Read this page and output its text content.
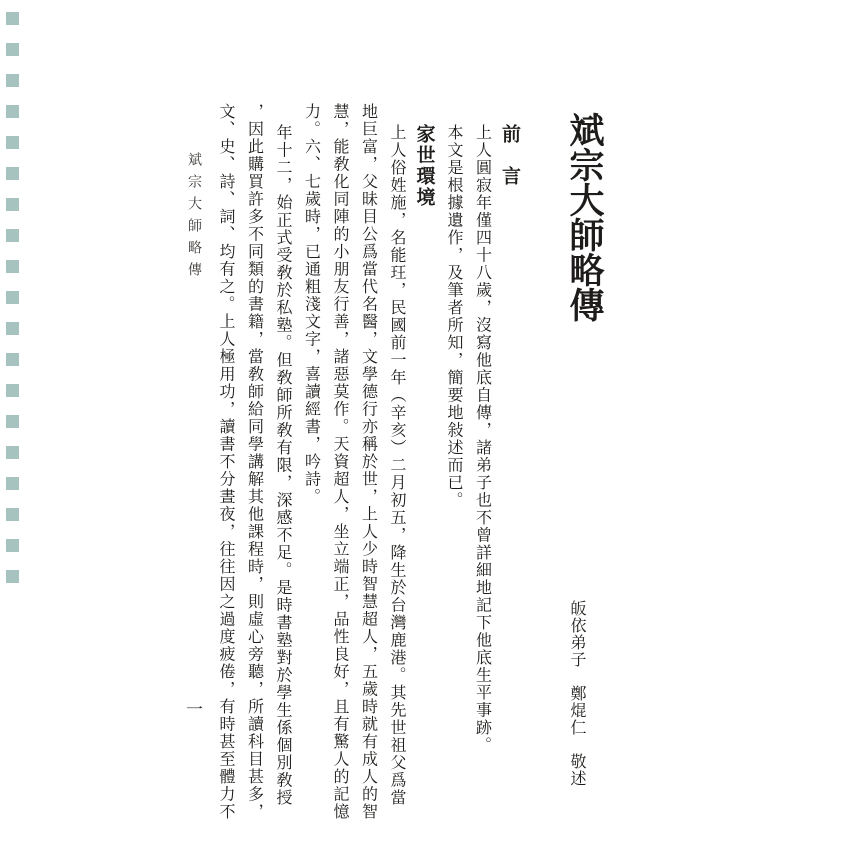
斌宗大師略傳
皈依弟子　鄭焜仁　敬述
前　言
上人圓寂年僅四十八歲，沒寫他底自傳，諸弟子也不曾詳細地記下他底生平事跡。
本文是根據遺作，及筆者所知，簡要地敍述而已。
家世環境
上人俗姓施，名能玨，民國前一年（辛亥）二月初五，降生於台灣鹿港。其先世祖父爲當
地巨富，父昧目公爲當代名醫，文學德行亦稱於世，上人少時智慧超人，五歲時就有成人的智
慧，能敎化同陣的小朋友行善，諸惡莫作。天資超人，坐立端正，品性良好，且有驚人的記憶
力。六、七歲時，已通粗淺文字，喜讀經書，吟詩。
年十二，始正式受敎於私塾。但敎師所敎有限，深感不足。是時書塾對於學生係個別敎授
，因此購買許多不同類的書籍，當敎師給同學講解其他課程時，則虛心旁聽，所讀科目甚多，
文、史、詩、詞、均有之。上人極用功，讀書不分晝夜，往往因之過度疲倦，有時甚至體力不
斌宗大師略傳
一
